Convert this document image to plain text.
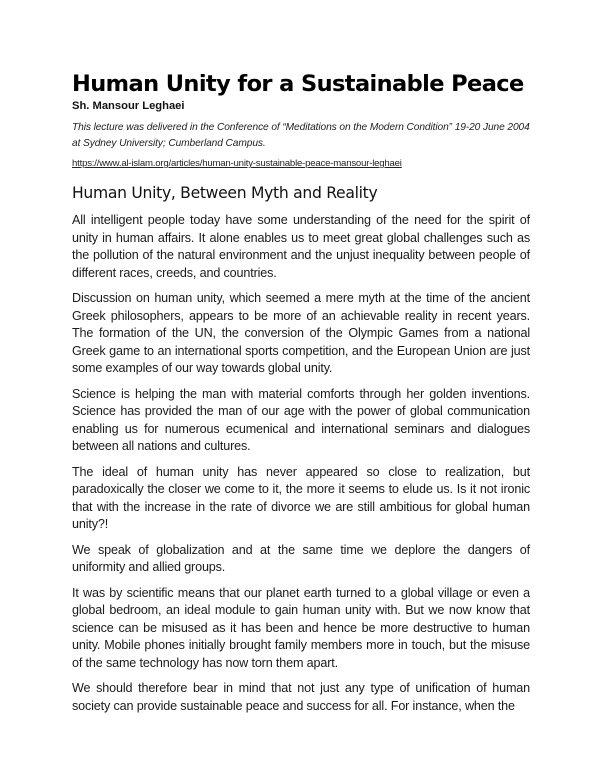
Human Unity for a Sustainable Peace
Sh. Mansour Leghaei
This lecture was delivered in the Conference of “Meditations on the Modern Condition” 19-20 June 2004 at Sydney University; Cumberland Campus.
https://www.al-islam.org/articles/human-unity-sustainable-peace-mansour-leghaei
Human Unity, Between Myth and Reality

All intelligent people today have some understanding of the need for the spirit of unity in human affairs. It alone enables us to meet great global challenges such as the pollution of the natural environment and the unjust inequality between people of different races, creeds, and countries.

Discussion on human unity, which seemed a mere myth at the time of the ancient Greek philosophers, appears to be more of an achievable reality in recent years. The formation of the UN, the conversion of the Olympic Games from a national Greek game to an international sports competition, and the European Union are just some examples of our way towards global unity.

Science is helping the man with material comforts through her golden inventions. Science has provided the man of our age with the power of global communication enabling us for numerous ecumenical and international seminars and dialogues between all nations and cultures.

The ideal of human unity has never appeared so close to realization, but paradoxically the closer we come to it, the more it seems to elude us. Is it not ironic that with the increase in the rate of divorce we are still ambitious for global human unity?!

We speak of globalization and at the same time we deplore the dangers of uniformity and allied groups.

It was by scientific means that our planet earth turned to a global village or even a global bedroom, an ideal module to gain human unity with. But we now know that science can be misused as it has been and hence be more destructive to human unity. Mobile phones initially brought family members more in touch, but the misuse of the same technology has now torn them apart.

We should therefore bear in mind that not just any type of unification of human society can provide sustainable peace and success for all. For instance, when the
